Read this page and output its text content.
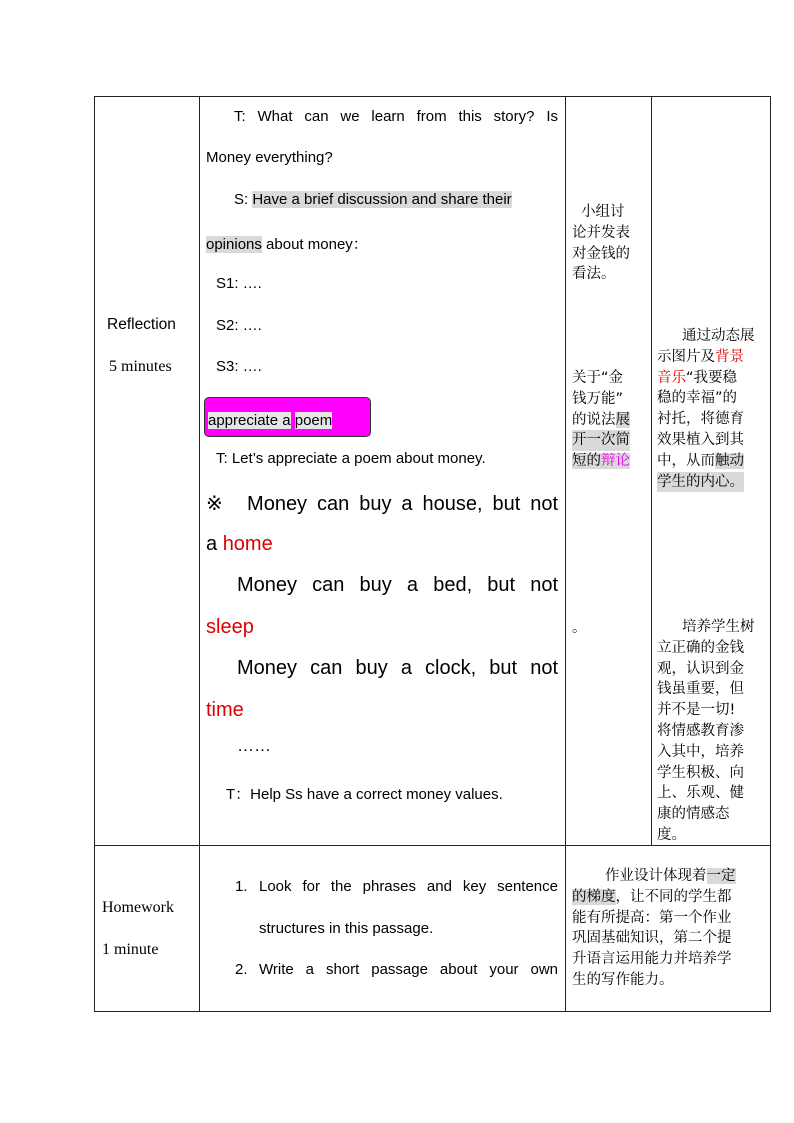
Reflection
5 minutes
T: What can we learn from this story? Is
Money everything?
S: Have a brief discussion and share their
opinions about money：
S1: ….
S2: ….
S3: ….
appreciate a poem
T: Let’s appreciate a poem about money.
※  Money can buy a house, but not
a home
Money can buy a bed, but not
sleep
Money can buy a clock, but not
time
……
T：Help Ss have a correct money values.
小组讨
论并发表
对金钱的
看法。
关于“金
钱万能”
的说法展
开一次简
短的辩论
。
通过动态展
示图片及背景
音乐“我要稳
稳的幸福”的
衬托，将德育
效果植入到其
中，从而触动
学生的内心。
培养学生树
立正确的金钱
观，认识到金
钱虽重要，但
并不是一切!
将情感教育渗
入其中，培养
学生积极、向
上、乐观、健
康的情感态
度。
Homework
1 minute
1. Look for the phrases and key sentence
structures in this passage.
2. Write a short passage about your own
作业设计体现着一定
的梯度，让不同的学生都
能有所提高：第一个作业
巩固基础知识，第二个提
升语言运用能力并培养学
生的写作能力。
